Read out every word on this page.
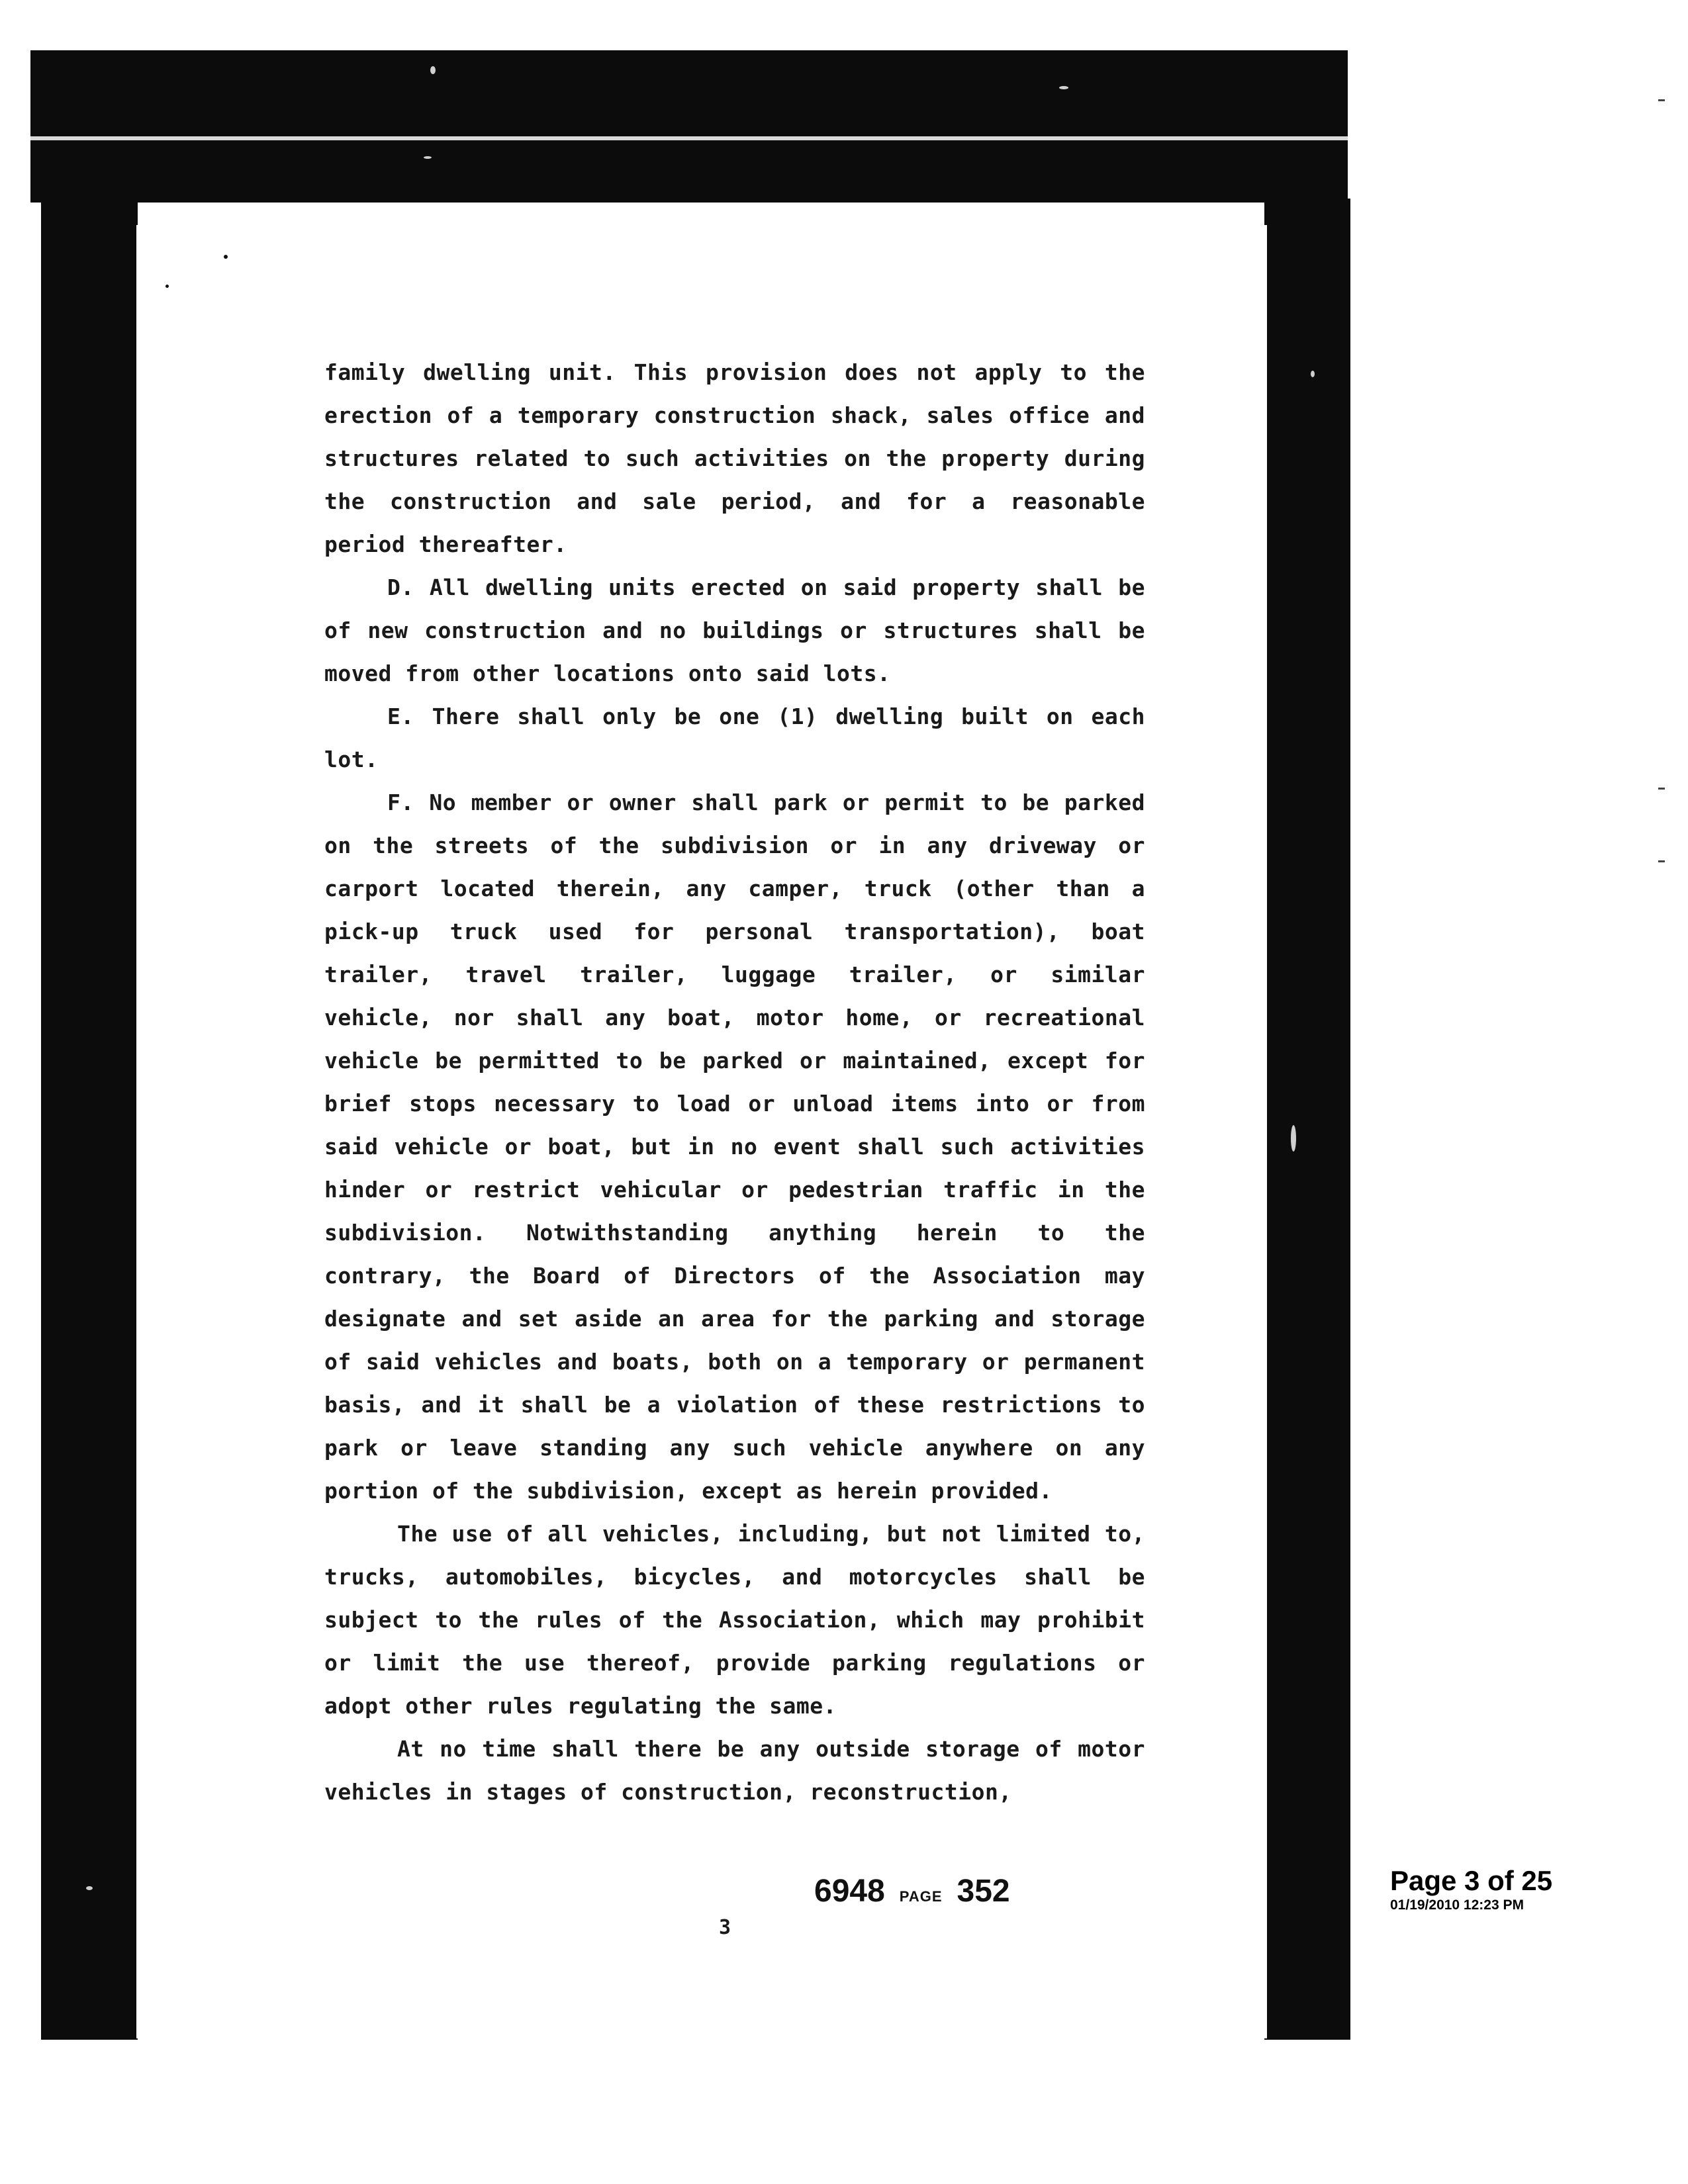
family dwelling unit. This provision does not apply to the erection of a temporary construction shack, sales office and structures related to such activities on the property during the construction and sale period, and for a reasonable period thereafter.

D. All dwelling units erected on said property shall be of new construction and no buildings or structures shall be moved from other locations onto said lots.

E. There shall only be one (1) dwelling built on each lot.

F. No member or owner shall park or permit to be parked on the streets of the subdivision or in any driveway or carport located therein, any camper, truck (other than a pick-up truck used for personal transportation), boat trailer, travel trailer, luggage trailer, or similar vehicle, nor shall any boat, motor home, or recreational vehicle be permitted to be parked or maintained, except for brief stops necessary to load or unload items into or from said vehicle or boat, but in no event shall such activities hinder or restrict vehicular or pedestrian traffic in the subdivision. Notwithstanding anything herein to the contrary, the Board of Directors of the Association may designate and set aside an area for the parking and storage of said vehicles and boats, both on a temporary or permanent basis, and it shall be a violation of these restrictions to park or leave standing any such vehicle anywhere on any portion of the subdivision, except as herein provided.

The use of all vehicles, including, but not limited to, trucks, automobiles, bicycles, and motorcycles shall be subject to the rules of the Association, which may prohibit or limit the use thereof, provide parking regulations or adopt other rules regulating the same.

At no time shall there be any outside storage of motor vehicles in stages of construction, reconstruction,

6948 PAGE 352
3
Page 3 of 25
01/19/2010 12:23 PM
